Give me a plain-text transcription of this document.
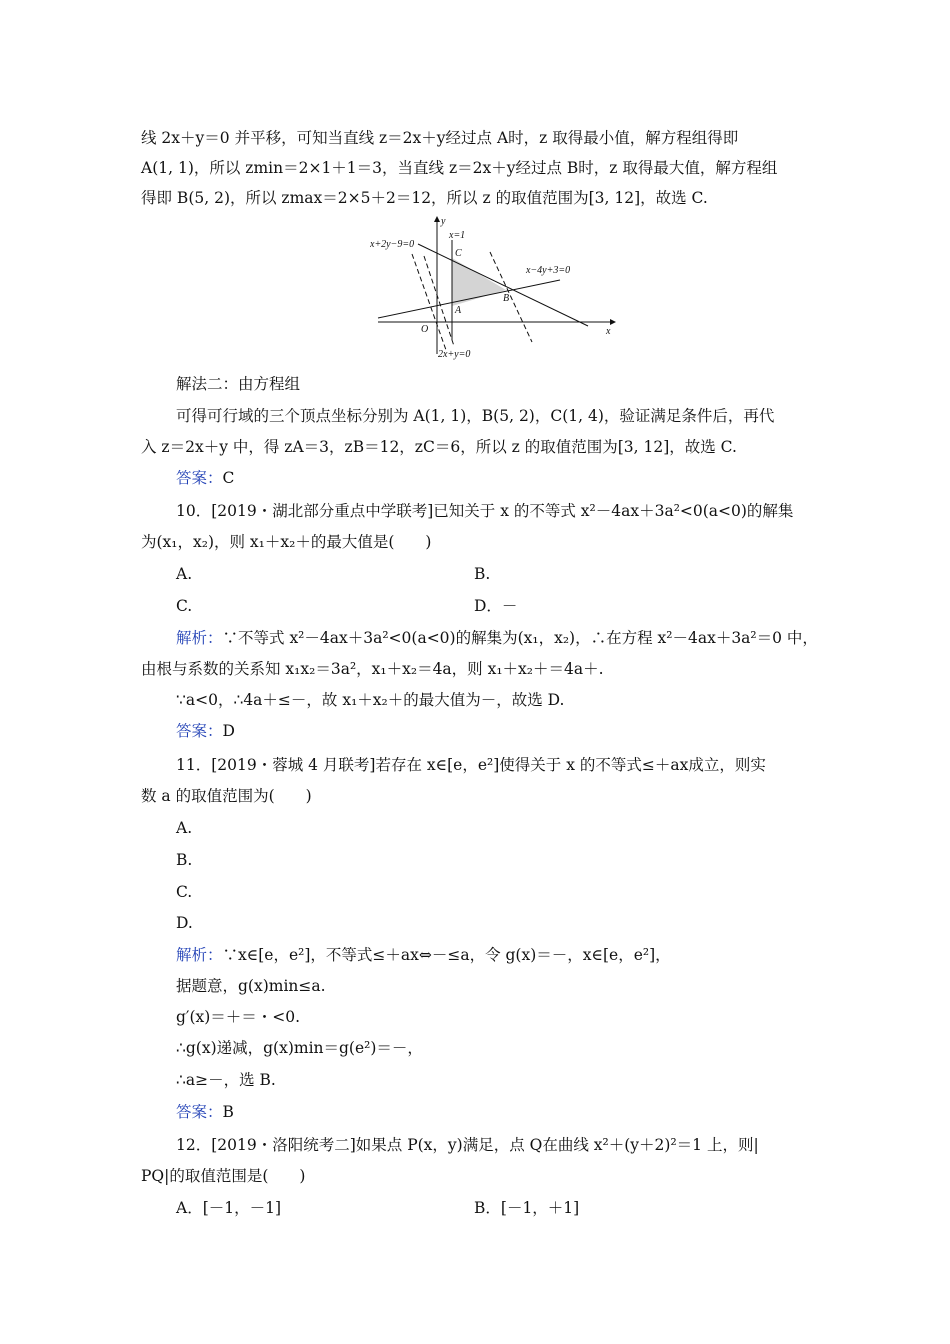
线 2x＋y＝0 并平移，可知当直线 z＝2x＋y经过点 A时，z 取得最小值，解方程组得即
A(1, 1)，所以 zmin＝2×1＋1＝3，当直线 z＝2x＋y经过点 B时，z 取得最大值，解方程组
得即 B(5, 2)，所以 zmax＝2×5＋2＝12，所以 z 的取值范围为[3, 12]，故选 C.
y
x
O
x+2y−9=0
x=1
x−4y+3=0
2x+y=0
A
B
C
解法二：由方程组
可得可行域的三个顶点坐标分别为 A(1, 1)，B(5, 2)，C(1, 4)，验证满足条件后，再代
入 z＝2x＋y 中，得 zA＝3，zB＝12，zC＝6，所以 z 的取值范围为[3, 12]，故选 C.
答案：C
10．[2019・湖北部分重点中学联考]已知关于 x 的不等式 x²－4ax＋3a²<0(a<0)的解集
为(x₁，x₂)，则 x₁＋x₂＋的最大值是(　　)
A.	B.
C.	D．－
解析：∵不等式 x²－4ax＋3a²<0(a<0)的解集为(x₁，x₂)，∴在方程 x²－4ax＋3a²＝0 中，
由根与系数的关系知 x₁x₂＝3a²，x₁＋x₂＝4a，则 x₁＋x₂＋＝4a＋.
∵a<0，∴4a＋≤－，故 x₁＋x₂＋的最大值为－，故选 D.
答案：D
11．[2019・蓉城 4 月联考]若存在 x∈[e，e²]使得关于 x 的不等式≤＋ax成立，则实
数 a 的取值范围为(　　)
A.
B.
C.
D.
解析：∵x∈[e，e²]，不等式≤＋ax⇔－≤a，令 g(x)＝－，x∈[e，e²]，
据题意，g(x)min≤a.
g′(x)＝＋＝・<0.
∴g(x)递减，g(x)min＝g(e²)＝－，
∴a≥－，选 B.
答案：B
12．[2019・洛阳统考二]如果点 P(x，y)满足，点 Q在曲线 x²＋(y＋2)²＝1 上，则|
PQ|的取值范围是(　　)
A．[－1，－1]	B．[－1，＋1]
